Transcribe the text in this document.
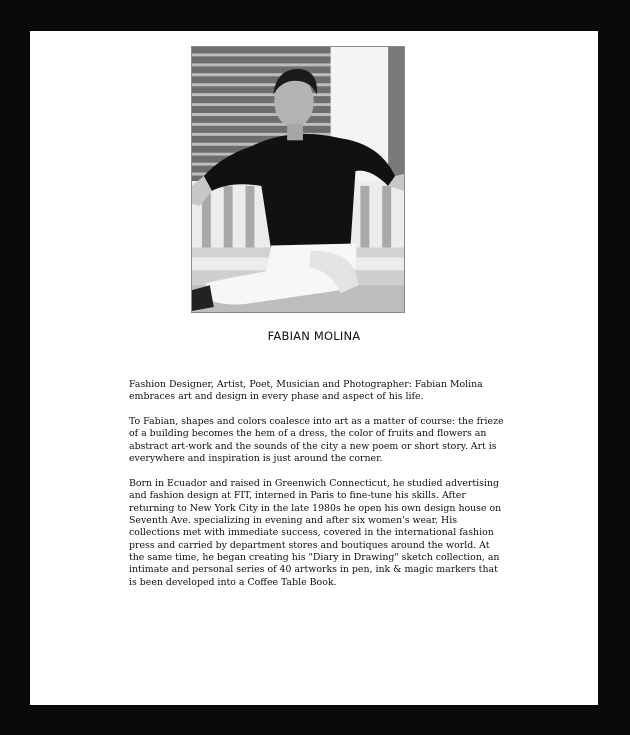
FABIAN MOLINA

Fashion Designer, Artist, Poet, Musician and Photographer: Fabian Molina embraces art and design in every phase and aspect of his life.

To Fabian, shapes and colors coalesce into art as a matter of course: the frieze of a building becomes the hem of a dress, the color of fruits and flowers an abstract art-work and the sounds of the city a new poem or short story. Art is everywhere and inspiration is just around the corner.

Born in Ecuador and raised in Greenwich Connecticut, he studied advertising and fashion design at FIT, interned in Paris to fine-tune his skills. After returning to New York City in the late 1980s he open his own design house on Seventh Ave. specializing in evening and after six women's wear. His collections met with immediate success, covered in the international fashion press and carried by department stores and boutiques around the world. At the same time, he began creating his "Diary in Drawing" sketch collection, an intimate and personal series of 40 artworks in pen, ink & magic markers that is been developed into a Coffee Table Book.
